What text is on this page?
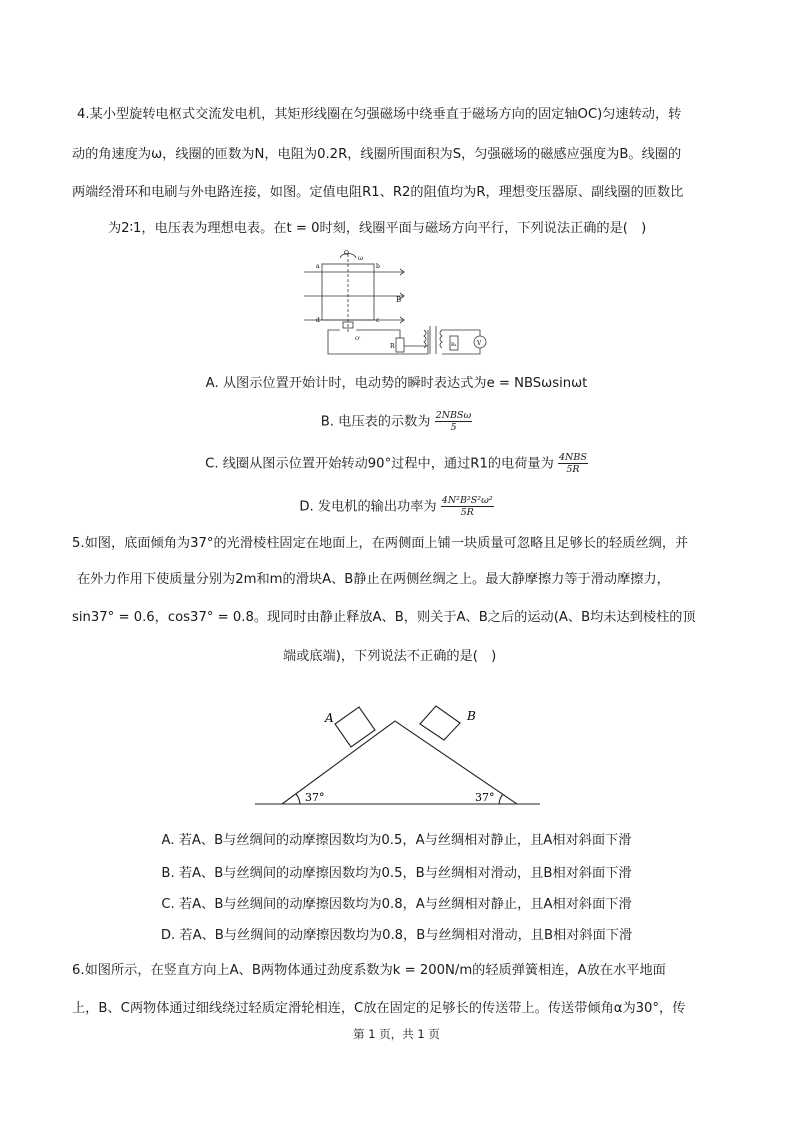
4.某小型旋转电枢式交流发电机，其矩形线圈在匀强磁场中绕垂直于磁场方向的固定轴OC)匀速转动，转
动的角速度为ω，线圈的匝数为N，电阻为0.2R，线圈所围面积为S，匀强磁场的磁感应强度为B。线圈的
两端经滑环和电刷与外电路连接，如图。定值电阻R1、R2的阻值均为R，理想变压器原、副线圈的匝数比
为2∶1，电压表为理想电表。在t = 0时刻，线圈平面与磁场方向平行，下列说法正确的是(　)
O
ω
a	b
B
d	c
O'
R	R₁	V
A. 从图示位置开始计时，电动势的瞬时表达式为e = NBSωsinωt
B. 电压表的示数为 $\frac{\text{2NBSω}}{5}$
C. 线圈从图示位置开始转动90°过程中，通过R1的电荷量为 $\frac{\text{4NBS}}{5R}$
D. 发电机的输出功率为 $\frac{\text{4N²B²S²ω²}}{5R}$
5.如图，底面倾角为37°的光滑棱柱固定在地面上，在两侧面上铺一块质量可忽略且足够长的轻质丝绸，并
在外力作用下使质量分别为2m和m的滑块A、B静止在两侧丝绸之上。最大静摩擦力等于滑动摩擦力，
sin37° = 0.6，cos37° = 0.8。现同时由静止释放A、B，则关于A、B之后的运动(A、B均未达到棱柱的顶
端或底端)，下列说法不正确的是(　)
A	B
37°	37°
A. 若A、B与丝绸间的动摩擦因数均为0.5，A与丝绸相对静止，且A相对斜面下滑
B. 若A、B与丝绸间的动摩擦因数均为0.5，B与丝绸相对滑动，且B相对斜面下滑
C. 若A、B与丝绸间的动摩擦因数均为0.8，A与丝绸相对静止，且A相对斜面下滑
D. 若A、B与丝绸间的动摩擦因数均为0.8，B与丝绸相对滑动，且B相对斜面下滑
6.如图所示，在竖直方向上A、B两物体通过劲度系数为k = 200N/m的轻质弹簧相连，A放在水平地面
上，B、C两物体通过细线绕过轻质定滑轮相连，C放在固定的足够长的传送带上。传送带倾角α为30°，传
第 1 页，共 1 页
